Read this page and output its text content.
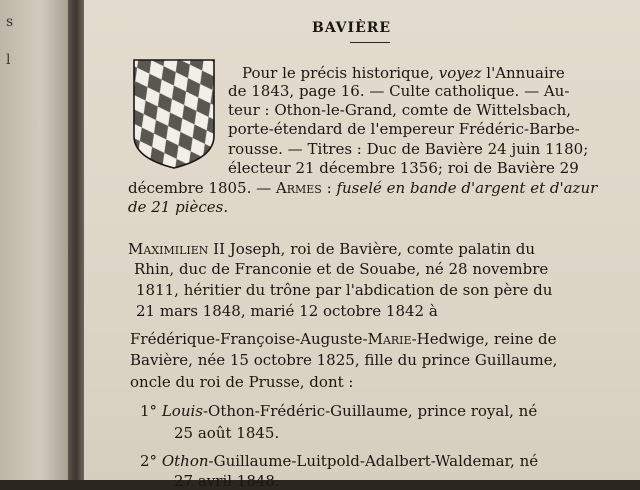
s
l
BAVIÈRE
Pour le précis historique, voyez l'Annuaire
de 1843, page 16. — Culte catholique. — Au-
teur : Othon-le-Grand, comte de Wittelsbach,
porte-étendard de l'empereur Frédéric-Barbe-
rousse. — Titres : Duc de Bavière 24 juin 1180;
électeur 21 décembre 1356; roi de Bavière 29
décembre 1805. — Armes : fuselé en bande d'argent et d'azur
de 21 pièces.
Maximilien II Joseph, roi de Bavière, comte palatin du
Rhin, duc de Franconie et de Souabe, né 28 novembre
1811, héritier du trône par l'abdication de son père du
21 mars 1848, marié 12 octobre 1842 à
Frédérique-Françoise-Auguste-Marie-Hedwige, reine de
Bavière, née 15 octobre 1825, fille du prince Guillaume,
oncle du roi de Prusse, dont :
1° Louis-Othon-Frédéric-Guillaume, prince royal, né
25 août 1845.
2° Othon-Guillaume-Luitpold-Adalbert-Waldemar, né
27 avril 1848.
